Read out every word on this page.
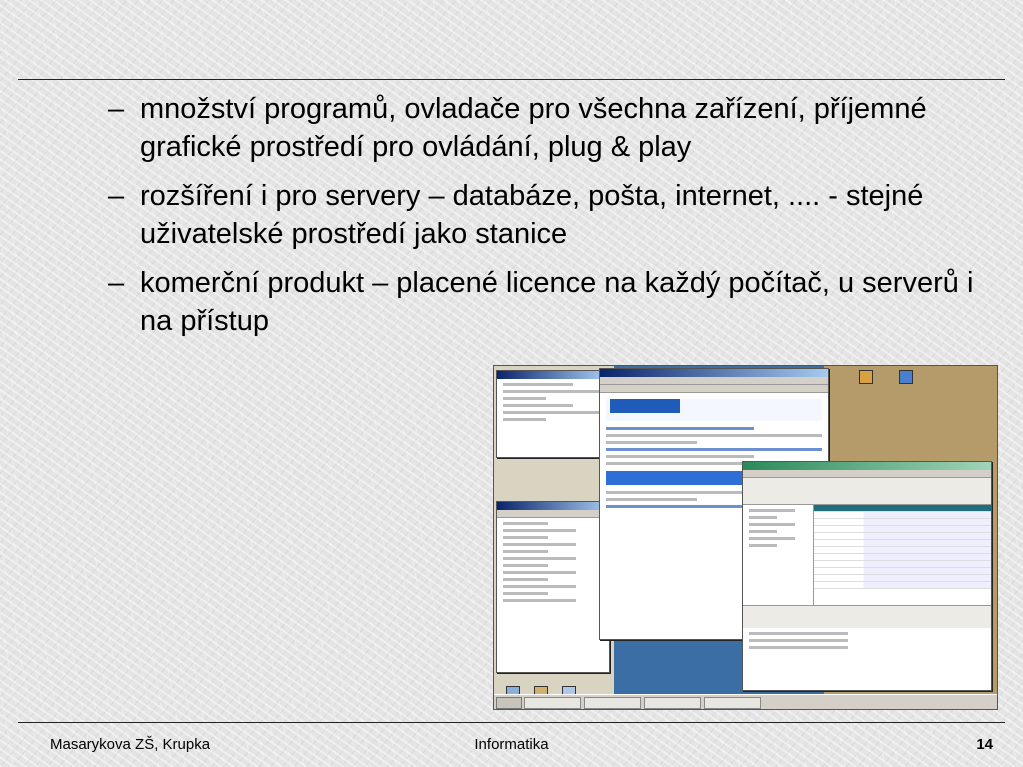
– množství programů, ovladače pro všechna zařízení, příjemné grafické prostředí pro ovládání, plug & play
– rozšíření i pro servery – databáze, pošta, internet, .... - stejné uživatelské prostředí jako stanice
– komerční produkt – placené licence na každý počítač, u serverů i na přístup
Masarykova ZŠ, Krupka	Informatika	14
